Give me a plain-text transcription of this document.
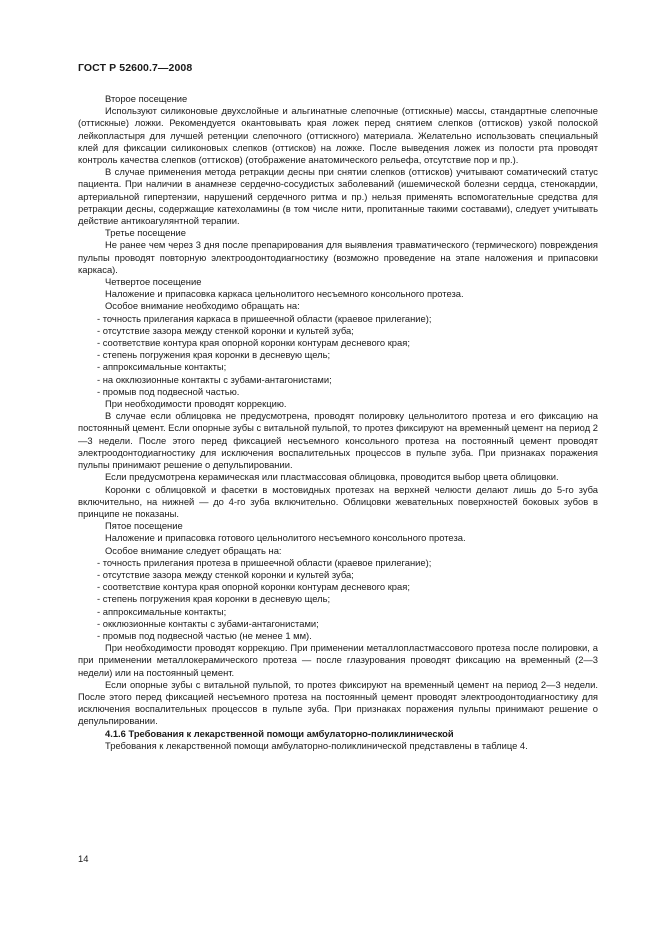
ГОСТ Р 52600.7—2008

Второе посещение

Используют силиконовые двухслойные и альгинатные слепочные (оттискные) массы, стандартные слепочные (оттискные) ложки. Рекомендуется окантовывать края ложек перед снятием слепков (оттисков) узкой полоской лейкопластыря для лучшей ретенции слепочного (оттискного) материала. Желательно использовать специальный клей для фиксации силиконовых слепков (оттисков) на ложке. После выведения ложек из полости рта проводят контроль качества слепков (оттисков) (отображение анатомического рельефа, отсутствие пор и пр.).

В случае применения метода ретракции десны при снятии слепков (оттисков) учитывают соматический статус пациента. При наличии в анамнезе сердечно-сосудистых заболеваний (ишемической болезни сердца, стенокардии, артериальной гипертензии, нарушений сердечного ритма и пр.) нельзя применять вспомогательные средства для ретракции десны, содержащие катехоламины (в том числе нити, пропитанные такими составами), следует учитывать действие антикоагулянтной терапии.

Третье посещение

Не ранее чем через 3 дня после препарирования для выявления травматического (термического) повреждения пульпы проводят повторную электроодонтодиагностику (возможно проведение на этапе наложения и припасовки каркаса).

Четвертое посещение

Наложение и припасовка каркаса цельнолитого несъемного консольного протеза.

Особое внимание необходимо обращать на:

- точность прилегания каркаса в пришеечной области (краевое прилегание);
- отсутствие зазора между стенкой коронки и культей зуба;
- соответствие контура края опорной коронки контурам десневого края;
- степень погружения края коронки в десневую щель;
- аппроксимальные контакты;
- на окклюзионные контакты с зубами-антагонистами;
- промыв под подвесной частью.

При необходимости проводят коррекцию.

В случае если облицовка не предусмотрена, проводят полировку цельнолитого протеза и его фиксацию на постоянный цемент. Если опорные зубы с витальной пульпой, то протез фиксируют на временный цемент на период 2—3 недели. После этого перед фиксацией несъемного консольного протеза на постоянный цемент проводят электроодонтодиагностику для исключения воспалительных процессов в пульпе зуба. При признаках поражения пульпы принимают решение о депульпировании.

Если предусмотрена керамическая или пластмассовая облицовка, проводится выбор цвета облицовки.

Коронки с облицовкой и фасетки в мостовидных протезах на верхней челюсти делают лишь до 5-го зуба включительно, на нижней — до 4-го зуба включительно. Облицовки жевательных поверхностей боковых зубов в принципе не показаны.

Пятое посещение

Наложение и припасовка готового цельнолитого несъемного консольного протеза.

Особое внимание следует обращать на:

- точность прилегания протеза в пришеечной области (краевое прилегание);
- отсутствие зазора между стенкой коронки и культей зуба;
- соответствие контура края опорной коронки контурам десневого края;
- степень погружения края коронки в десневую щель;
- аппроксимальные контакты;
- окклюзионные контакты с зубами-антагонистами;
- промыв под подвесной частью (не менее 1 мм).

При необходимости проводят коррекцию. При применении металлопластмассового протеза после полировки, а при применении металлокерамического протеза — после глазурования проводят фиксацию на временный (2—3 недели) или на постоянный цемент.

Если опорные зубы с витальной пульпой, то протез фиксируют на временный цемент на период 2—3 недели. После этого перед фиксацией несъемного протеза на постоянный цемент проводят электроодонтодиагностику для исключения воспалительных процессов в пульпе зуба. При признаках поражения пульпы принимают решение о депульпировании.

4.1.6 Требования к лекарственной помощи амбулаторно-поликлинической

Требования к лекарственной помощи амбулаторно-поликлинической представлены в таблице 4.

14
